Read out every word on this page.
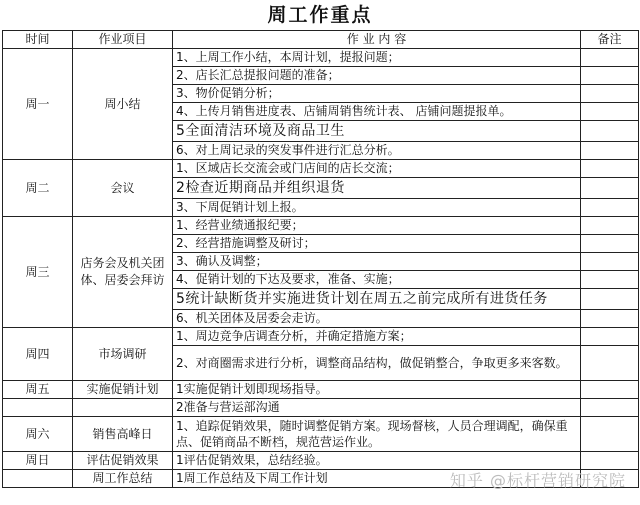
周工作重点
时间	作业项目	作 业 内 容	备注
周一	周小结	1、上周工作小结，本周计划，提报问题；	
		2、店长汇总提报问题的准备；	
		3、物价促销分析；	
		4、上传月销售进度表、店铺周销售统计表、 店铺问题提报单。	
		5全面清洁环境及商品卫生	
		6、对上周记录的突发事件进行汇总分析。	
周二	会议	1、区域店长交流会或门店间的店长交流；	
		2检查近期商品并组织退货	
		3、下周促销计划上报。	
周三	店务会及机关团体、居委会拜访	1、经营业绩通报纪要；	
		2、经营措施调整及研讨；	
		3、确认及调整；	
		4、促销计划的下达及要求，准备、实施；	
		5统计缺断货并实施进货计划在周五之前完成所有进货任务	
		6、机关团体及居委会走访。	
周四	市场调研	1、周边竞争店调查分析，并确定措施方案；	
		2、对商圈需求进行分析，调整商品结构，做促销整合，争取更多来客数。	
周五	实施促销计划	1实施促销计划即现场指导。	
		2准备与营运部沟通	
周六	销售高峰日	1、追踪促销效果，随时调整促销方案。现场督核，人员合理调配，确保重点、促销商品不断档，规范营运作业。	
周日	评估促销效果	1评估促销效果，总结经验。	
	周工作总结	1周工作总结及下周工作计划		知乎 @标杆营销研究院
